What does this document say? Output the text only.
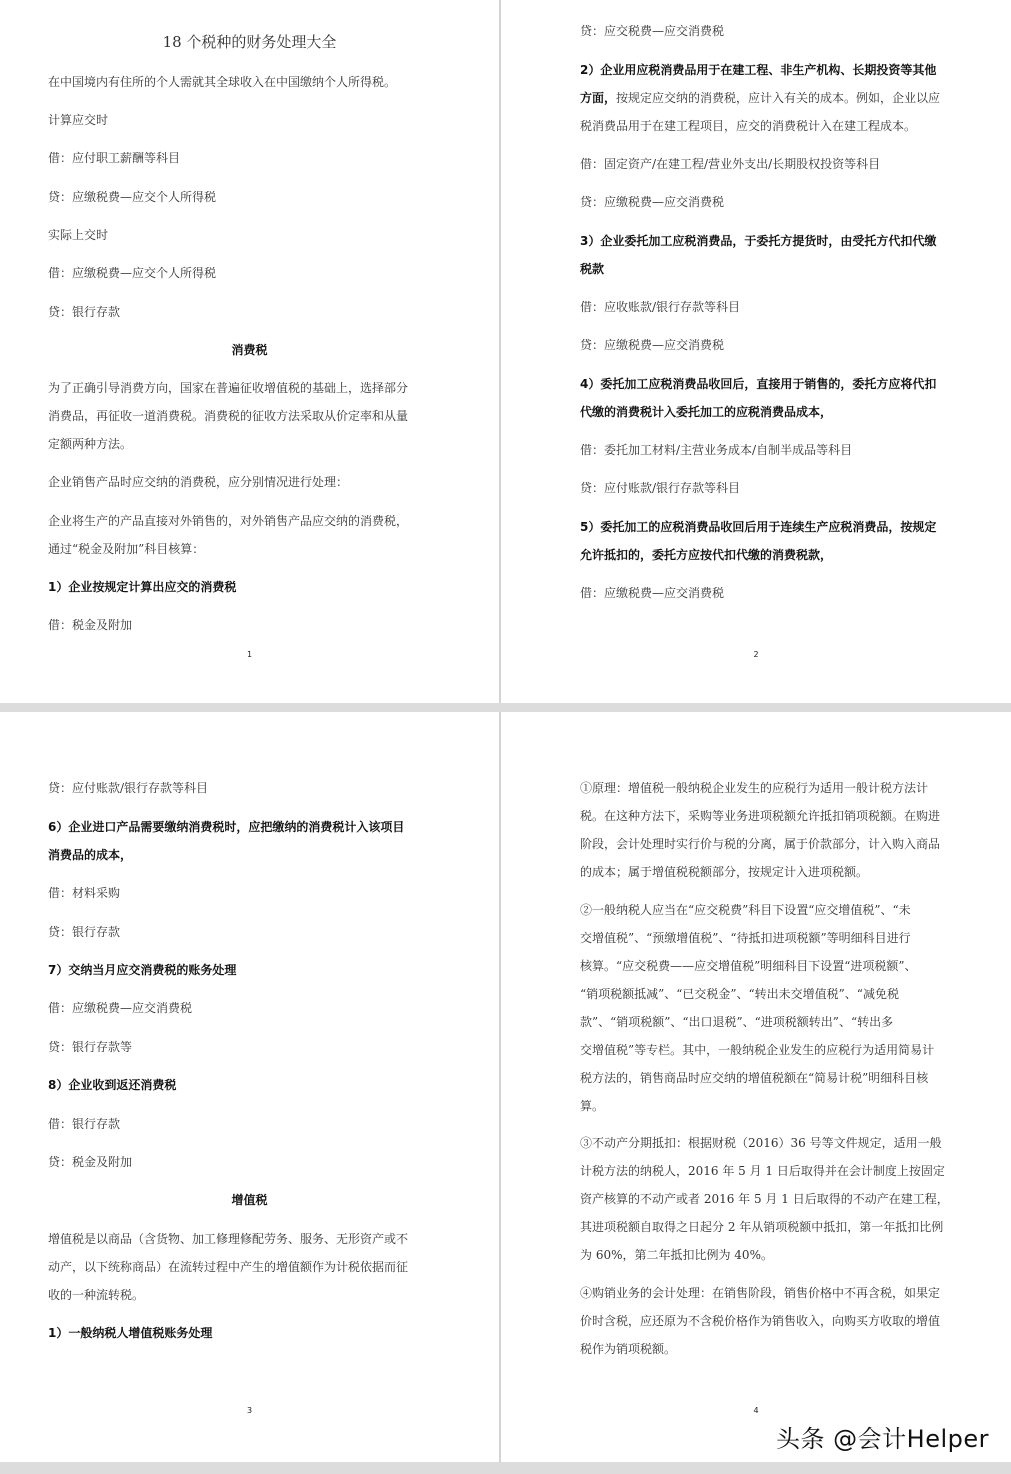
18 个税种的财务处理大全
在中国境内有住所的个人需就其全球收入在中国缴纳个人所得税。
计算应交时
借：应付职工薪酬等科目
贷：应缴税费—应交个人所得税
实际上交时
借：应缴税费—应交个人所得税
贷：银行存款
消费税
为了正确引导消费方向，国家在普遍征收增值税的基础上，选择部分
消费品，再征收一道消费税。消费税的征收方法采取从价定率和从量
定额两种方法。
企业销售产品时应交纳的消费税，应分别情况进行处理：
企业将生产的产品直接对外销售的，对外销售产品应交纳的消费税，
通过“税金及附加”科目核算：
1）企业按规定计算出应交的消费税
借：税金及附加
1
贷：应交税费—应交消费税
2）企业用应税消费品用于在建工程、非生产机构、长期投资等其他
方面，按规定应交纳的消费税，应计入有关的成本。例如，企业以应
税消费品用于在建工程项目，应交的消费税计入在建工程成本。
借：固定资产/在建工程/营业外支出/长期股权投资等科目
贷：应缴税费—应交消费税
3）企业委托加工应税消费品，于委托方提货时，由受托方代扣代缴
税款
借：应收账款/银行存款等科目
贷：应缴税费—应交消费税
4）委托加工应税消费品收回后，直接用于销售的，委托方应将代扣
代缴的消费税计入委托加工的应税消费品成本，
借：委托加工材料/主营业务成本/自制半成品等科目
贷：应付账款/银行存款等科目
5）委托加工的应税消费品收回后用于连续生产应税消费品，按规定
允许抵扣的，委托方应按代扣代缴的消费税款，
借：应缴税费—应交消费税
2
贷：应付账款/银行存款等科目
6）企业进口产品需要缴纳消费税时，应把缴纳的消费税计入该项目
消费品的成本，
借：材料采购
贷：银行存款
7）交纳当月应交消费税的账务处理
借：应缴税费—应交消费税
贷：银行存款等
8）企业收到返还消费税
借：银行存款
贷：税金及附加
增值税
增值税是以商品（含货物、加工修理修配劳务、服务、无形资产或不
动产，以下统称商品）在流转过程中产生的增值额作为计税依据而征
收的一种流转税。
1）一般纳税人增值税账务处理
3
①原理：增值税一般纳税企业发生的应税行为适用一般计税方法计
税。在这种方法下，采购等业务进项税额允许抵扣销项税额。在购进
阶段，会计处理时实行价与税的分离，属于价款部分，计入购入商品
的成本；属于增值税税额部分，按规定计入进项税额。
②一般纳税人应当在“应交税费”科目下设置“应交增值税”、“未
交增值税”、“预缴增值税”、“待抵扣进项税额”等明细科目进行
核算。“应交税费——应交增值税”明细科目下设置“进项税额”、
“销项税额抵减”、“已交税金”、“转出未交增值税”、“减免税
款”、“销项税额”、“出口退税”、“进项税额转出”、“转出多
交增值税”等专栏。其中，一般纳税企业发生的应税行为适用简易计
税方法的，销售商品时应交纳的增值税额在“简易计税”明细科目核
算。
③不动产分期抵扣：根据财税（2016）36 号等文件规定，适用一般
计税方法的纳税人，2016 年 5 月 1 日后取得并在会计制度上按固定
资产核算的不动产或者 2016 年 5 月 1 日后取得的不动产在建工程，
其进项税额自取得之日起分 2 年从销项税额中抵扣，第一年抵扣比例
为 60%，第二年抵扣比例为 40%。
④购销业务的会计处理：在销售阶段，销售价格中不再含税，如果定
价时含税，应还原为不含税价格作为销售收入，向购买方收取的增值
税作为销项税额。
4
头条 @会计Helper
